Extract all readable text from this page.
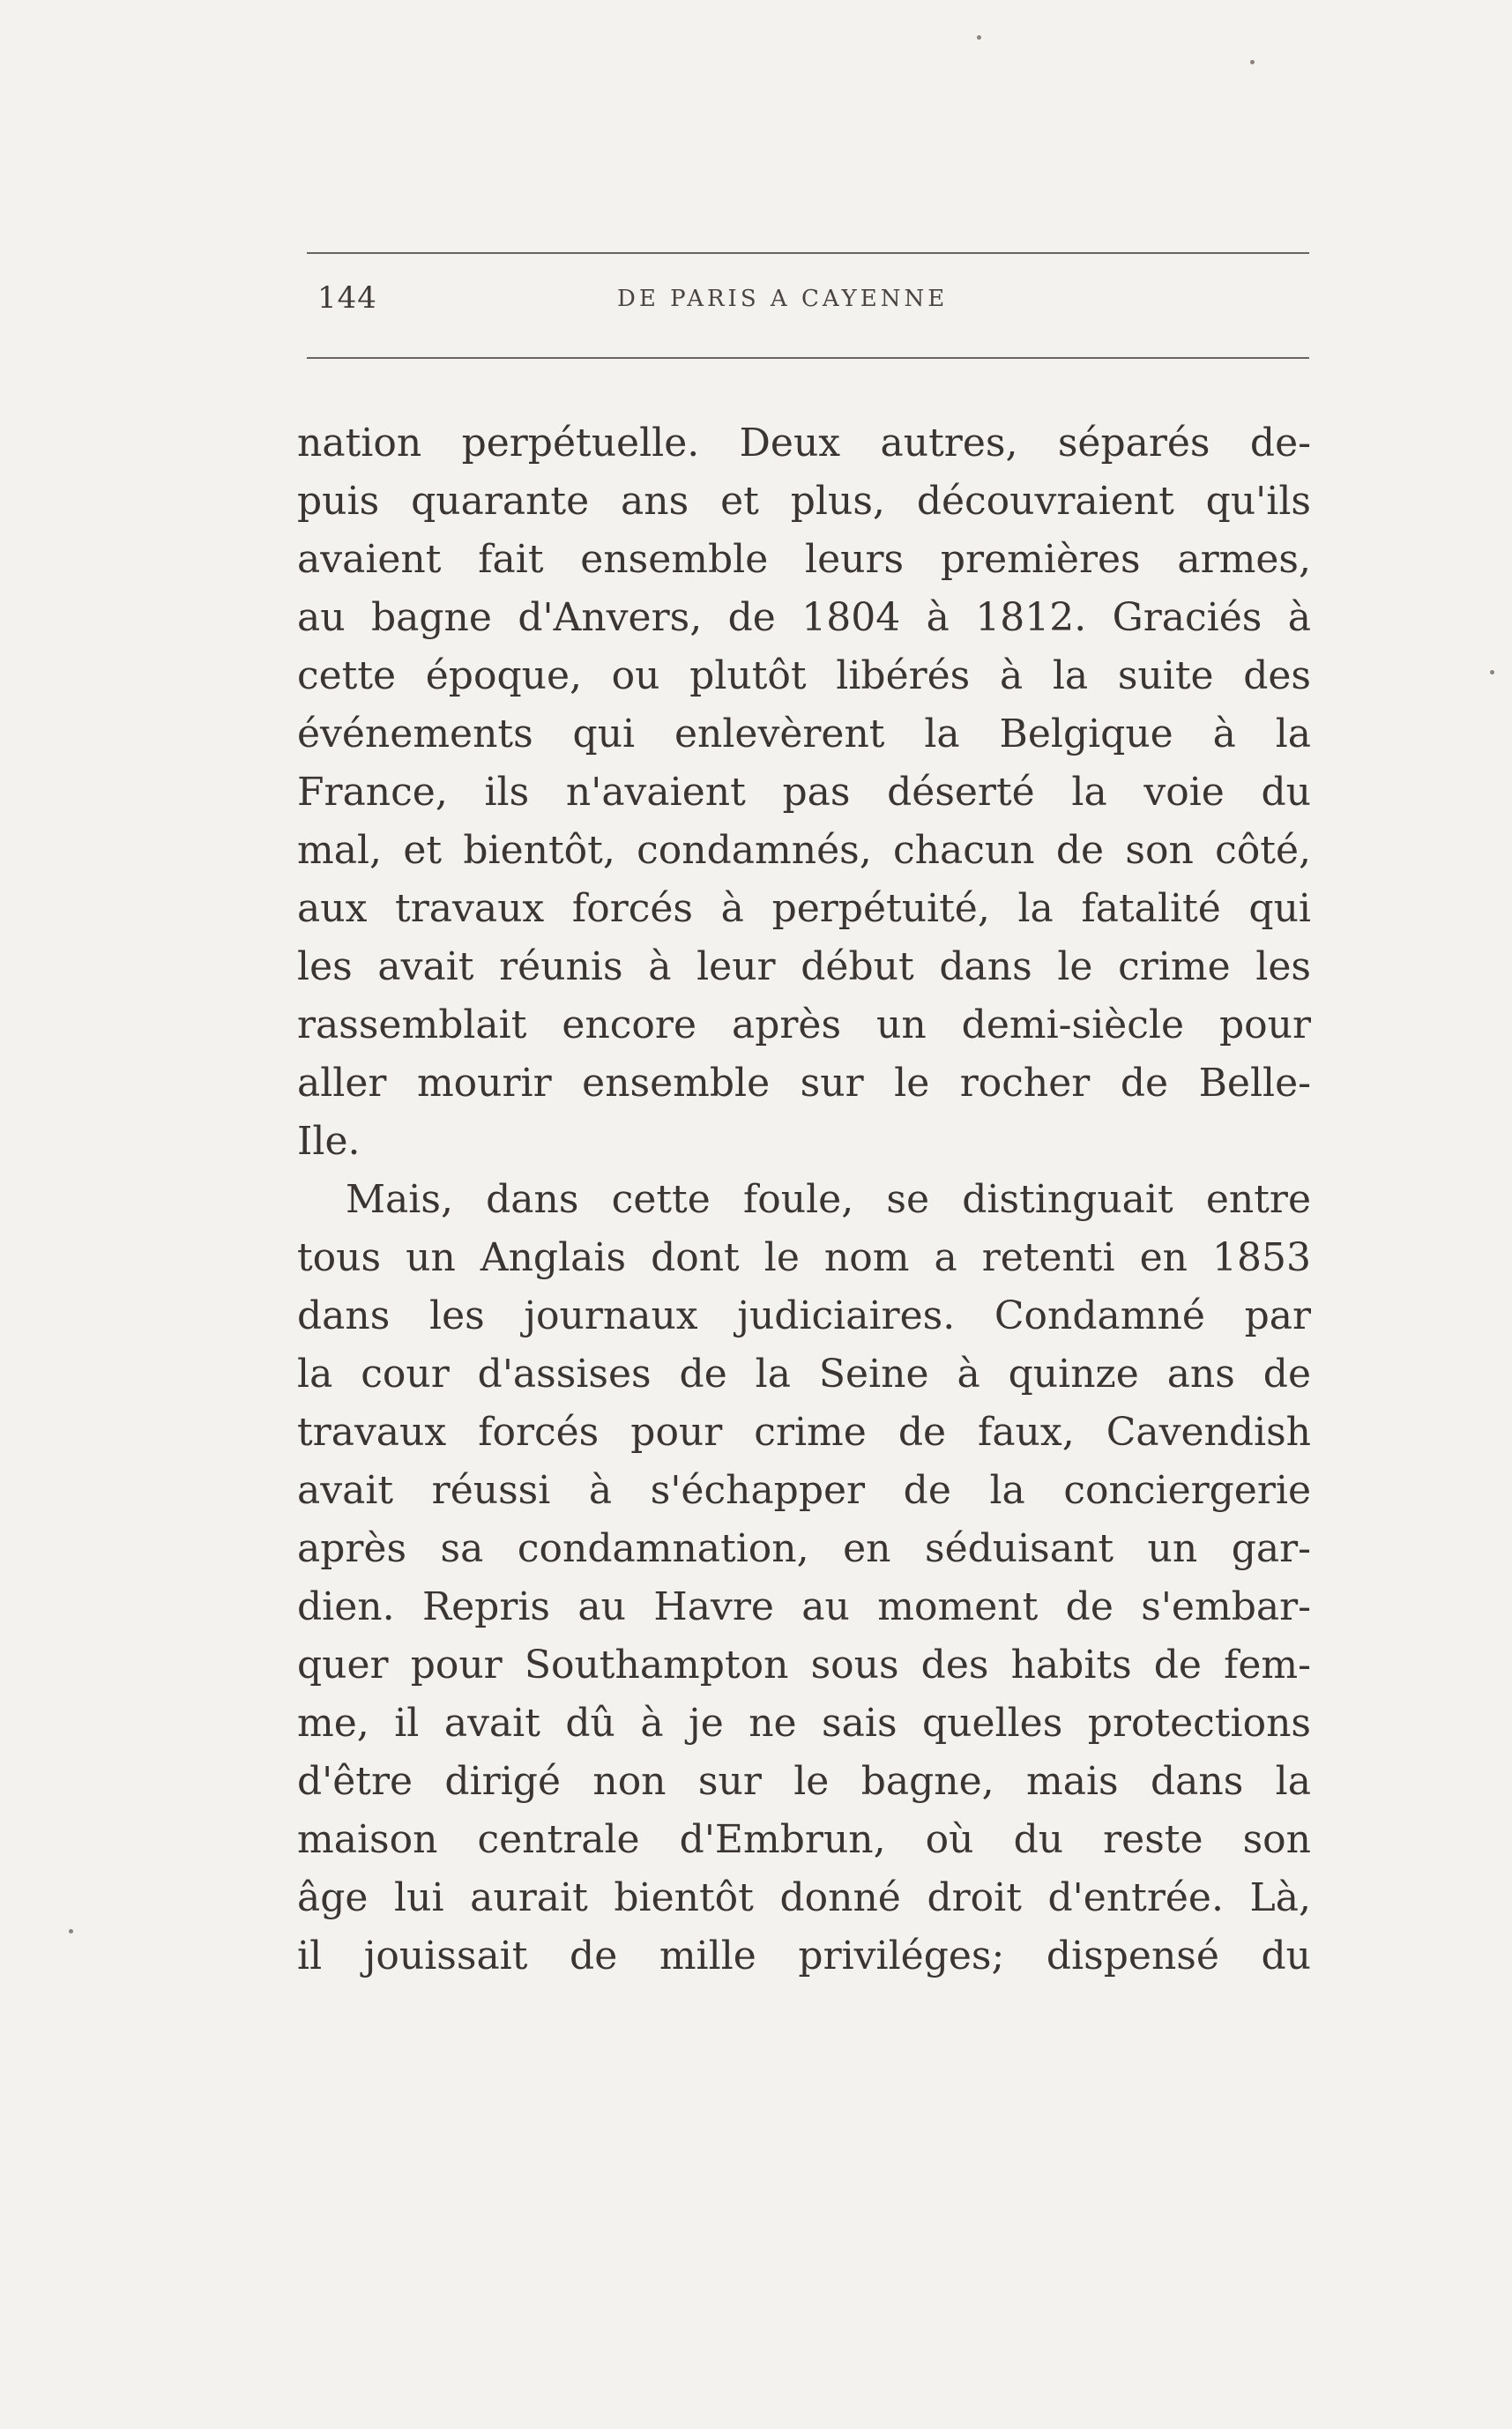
144	DE PARIS A CAYENNE
nation perpétuelle. Deux autres, séparés de-
puis quarante ans et plus, découvraient qu'ils
avaient fait ensemble leurs premières armes,
au bagne d'Anvers, de 1804 à 1812. Graciés à
cette époque, ou plutôt libérés à la suite des
événements qui enlevèrent la Belgique à la
France, ils n'avaient pas déserté la voie du
mal, et bientôt, condamnés, chacun de son côté,
aux travaux forcés à perpétuité, la fatalité qui
les avait réunis à leur début dans le crime les
rassemblait encore après un demi-siècle pour
aller mourir ensemble sur le rocher de Belle-
Ile.
Mais, dans cette foule, se distinguait entre
tous un Anglais dont le nom a retenti en 1853
dans les journaux judiciaires. Condamné par
la cour d'assises de la Seine à quinze ans de
travaux forcés pour crime de faux, Cavendish
avait réussi à s'échapper de la conciergerie
après sa condamnation, en séduisant un gar-
dien. Repris au Havre au moment de s'embar-
quer pour Southampton sous des habits de fem-
me, il avait dû à je ne sais quelles protections
d'être dirigé non sur le bagne, mais dans la
maison centrale d'Embrun, où du reste son
âge lui aurait bientôt donné droit d'entrée. Là,
il jouissait de mille priviléges; dispensé du
